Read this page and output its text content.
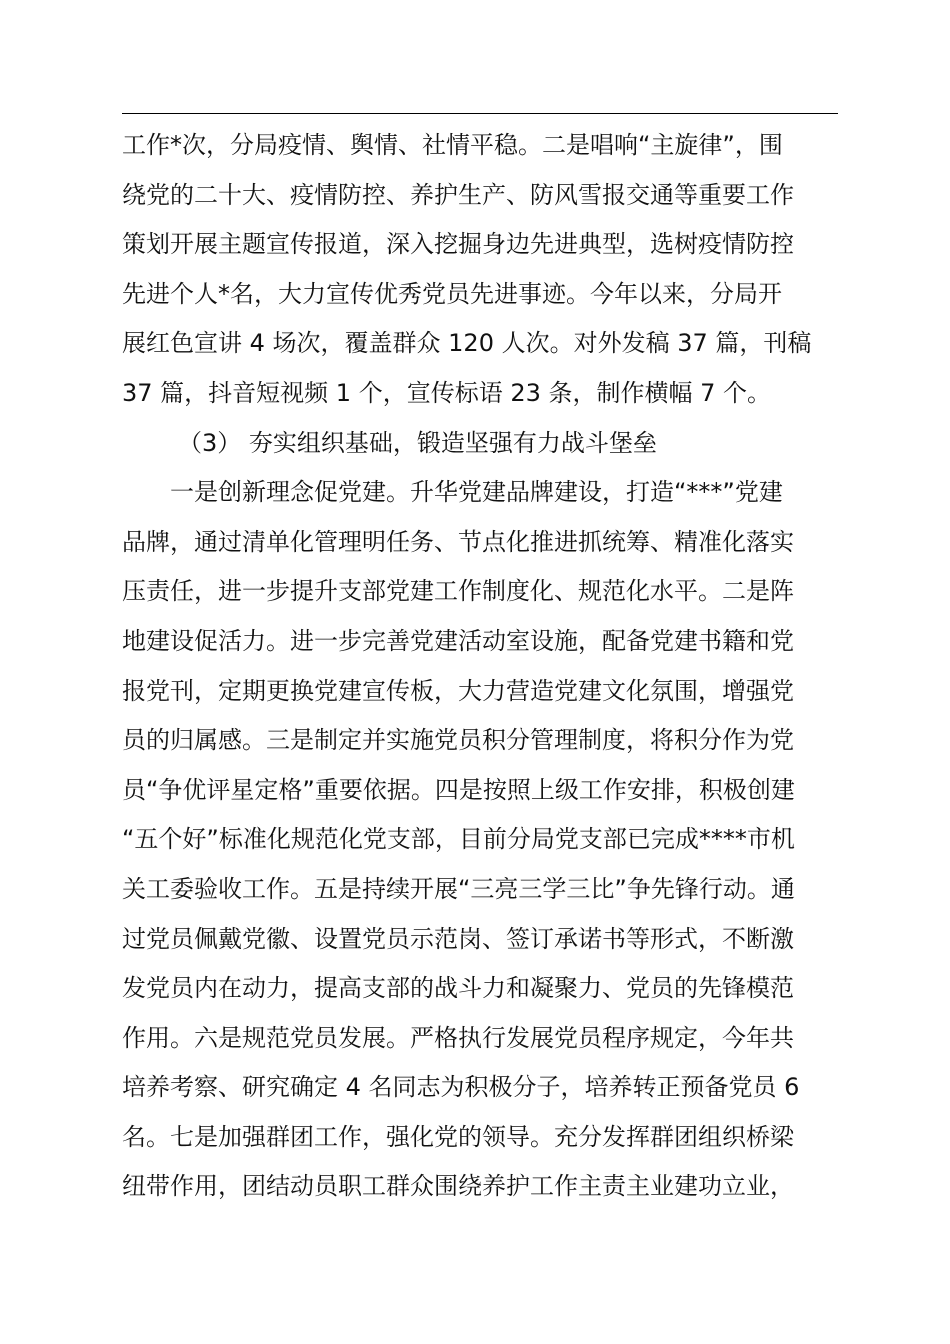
工作*次，分局疫情、舆情、社情平稳。二是唱响“主旋律”，围
绕党的二十大、疫情防控、养护生产、防风雪报交通等重要工作
策划开展主题宣传报道，深入挖掘身边先进典型，选树疫情防控
先进个人*名，大力宣传优秀党员先进事迹。今年以来，分局开
展红色宣讲 4 场次，覆盖群众 120 人次。对外发稿 37 篇，刊稿
37 篇，抖音短视频 1 个，宣传标语 23 条，制作横幅 7 个。
（3） 夯实组织基础，锻造坚强有力战斗堡垒
一是创新理念促党建。升华党建品牌建设，打造“***”党建
品牌，通过清单化管理明任务、节点化推进抓统筹、精准化落实
压责任，进一步提升支部党建工作制度化、规范化水平。二是阵
地建设促活力。进一步完善党建活动室设施，配备党建书籍和党
报党刊，定期更换党建宣传板，大力营造党建文化氛围，增强党
员的归属感。三是制定并实施党员积分管理制度，将积分作为党
员“争优评星定格”重要依据。四是按照上级工作安排，积极创建
“五个好”标准化规范化党支部，目前分局党支部已完成****市机
关工委验收工作。五是持续开展“三亮三学三比”争先锋行动。通
过党员佩戴党徽、设置党员示范岗、签订承诺书等形式，不断激
发党员内在动力，提高支部的战斗力和凝聚力、党员的先锋模范
作用。六是规范党员发展。严格执行发展党员程序规定，今年共
培养考察、研究确定 4 名同志为积极分子，培养转正预备党员 6
名。七是加强群团工作，强化党的领导。充分发挥群团组织桥梁
纽带作用，团结动员职工群众围绕养护工作主责主业建功立业，
